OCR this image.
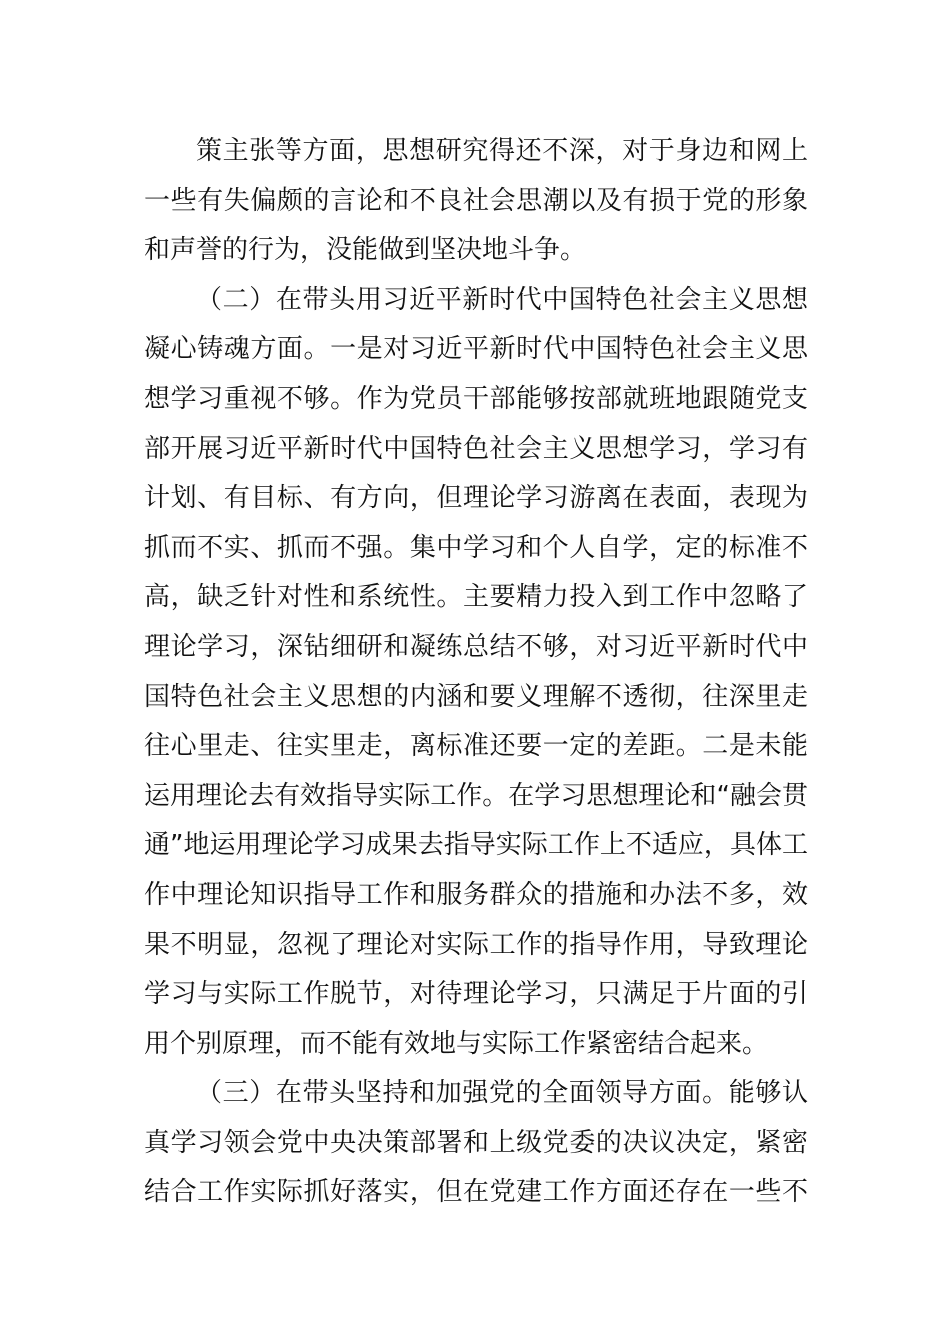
策主张等方面，思想研究得还不深，对于身边和网上
一些有失偏颇的言论和不良社会思潮以及有损于党的形象
和声誉的行为，没能做到坚决地斗争。
（二）在带头用习近平新时代中国特色社会主义思想
凝心铸魂方面。一是对习近平新时代中国特色社会主义思
想学习重视不够。作为党员干部能够按部就班地跟随党支
部开展习近平新时代中国特色社会主义思想学习，学习有
计划、有目标、有方向，但理论学习游离在表面，表现为
抓而不实、抓而不强。集中学习和个人自学，定的标准不
高，缺乏针对性和系统性。主要精力投入到工作中忽略了
理论学习，深钻细研和凝练总结不够，对习近平新时代中
国特色社会主义思想的内涵和要义理解不透彻，往深里走
往心里走、往实里走，离标准还要一定的差距。二是未能
运用理论去有效指导实际工作。在学习思想理论和“融会贯
通”地运用理论学习成果去指导实际工作上不适应，具体工
作中理论知识指导工作和服务群众的措施和办法不多，效
果不明显，忽视了理论对实际工作的指导作用，导致理论
学习与实际工作脱节，对待理论学习，只满足于片面的引
用个别原理，而不能有效地与实际工作紧密结合起来。
（三）在带头坚持和加强党的全面领导方面。能够认
真学习领会党中央决策部署和上级党委的决议决定，紧密
结合工作实际抓好落实，但在党建工作方面还存在一些不
